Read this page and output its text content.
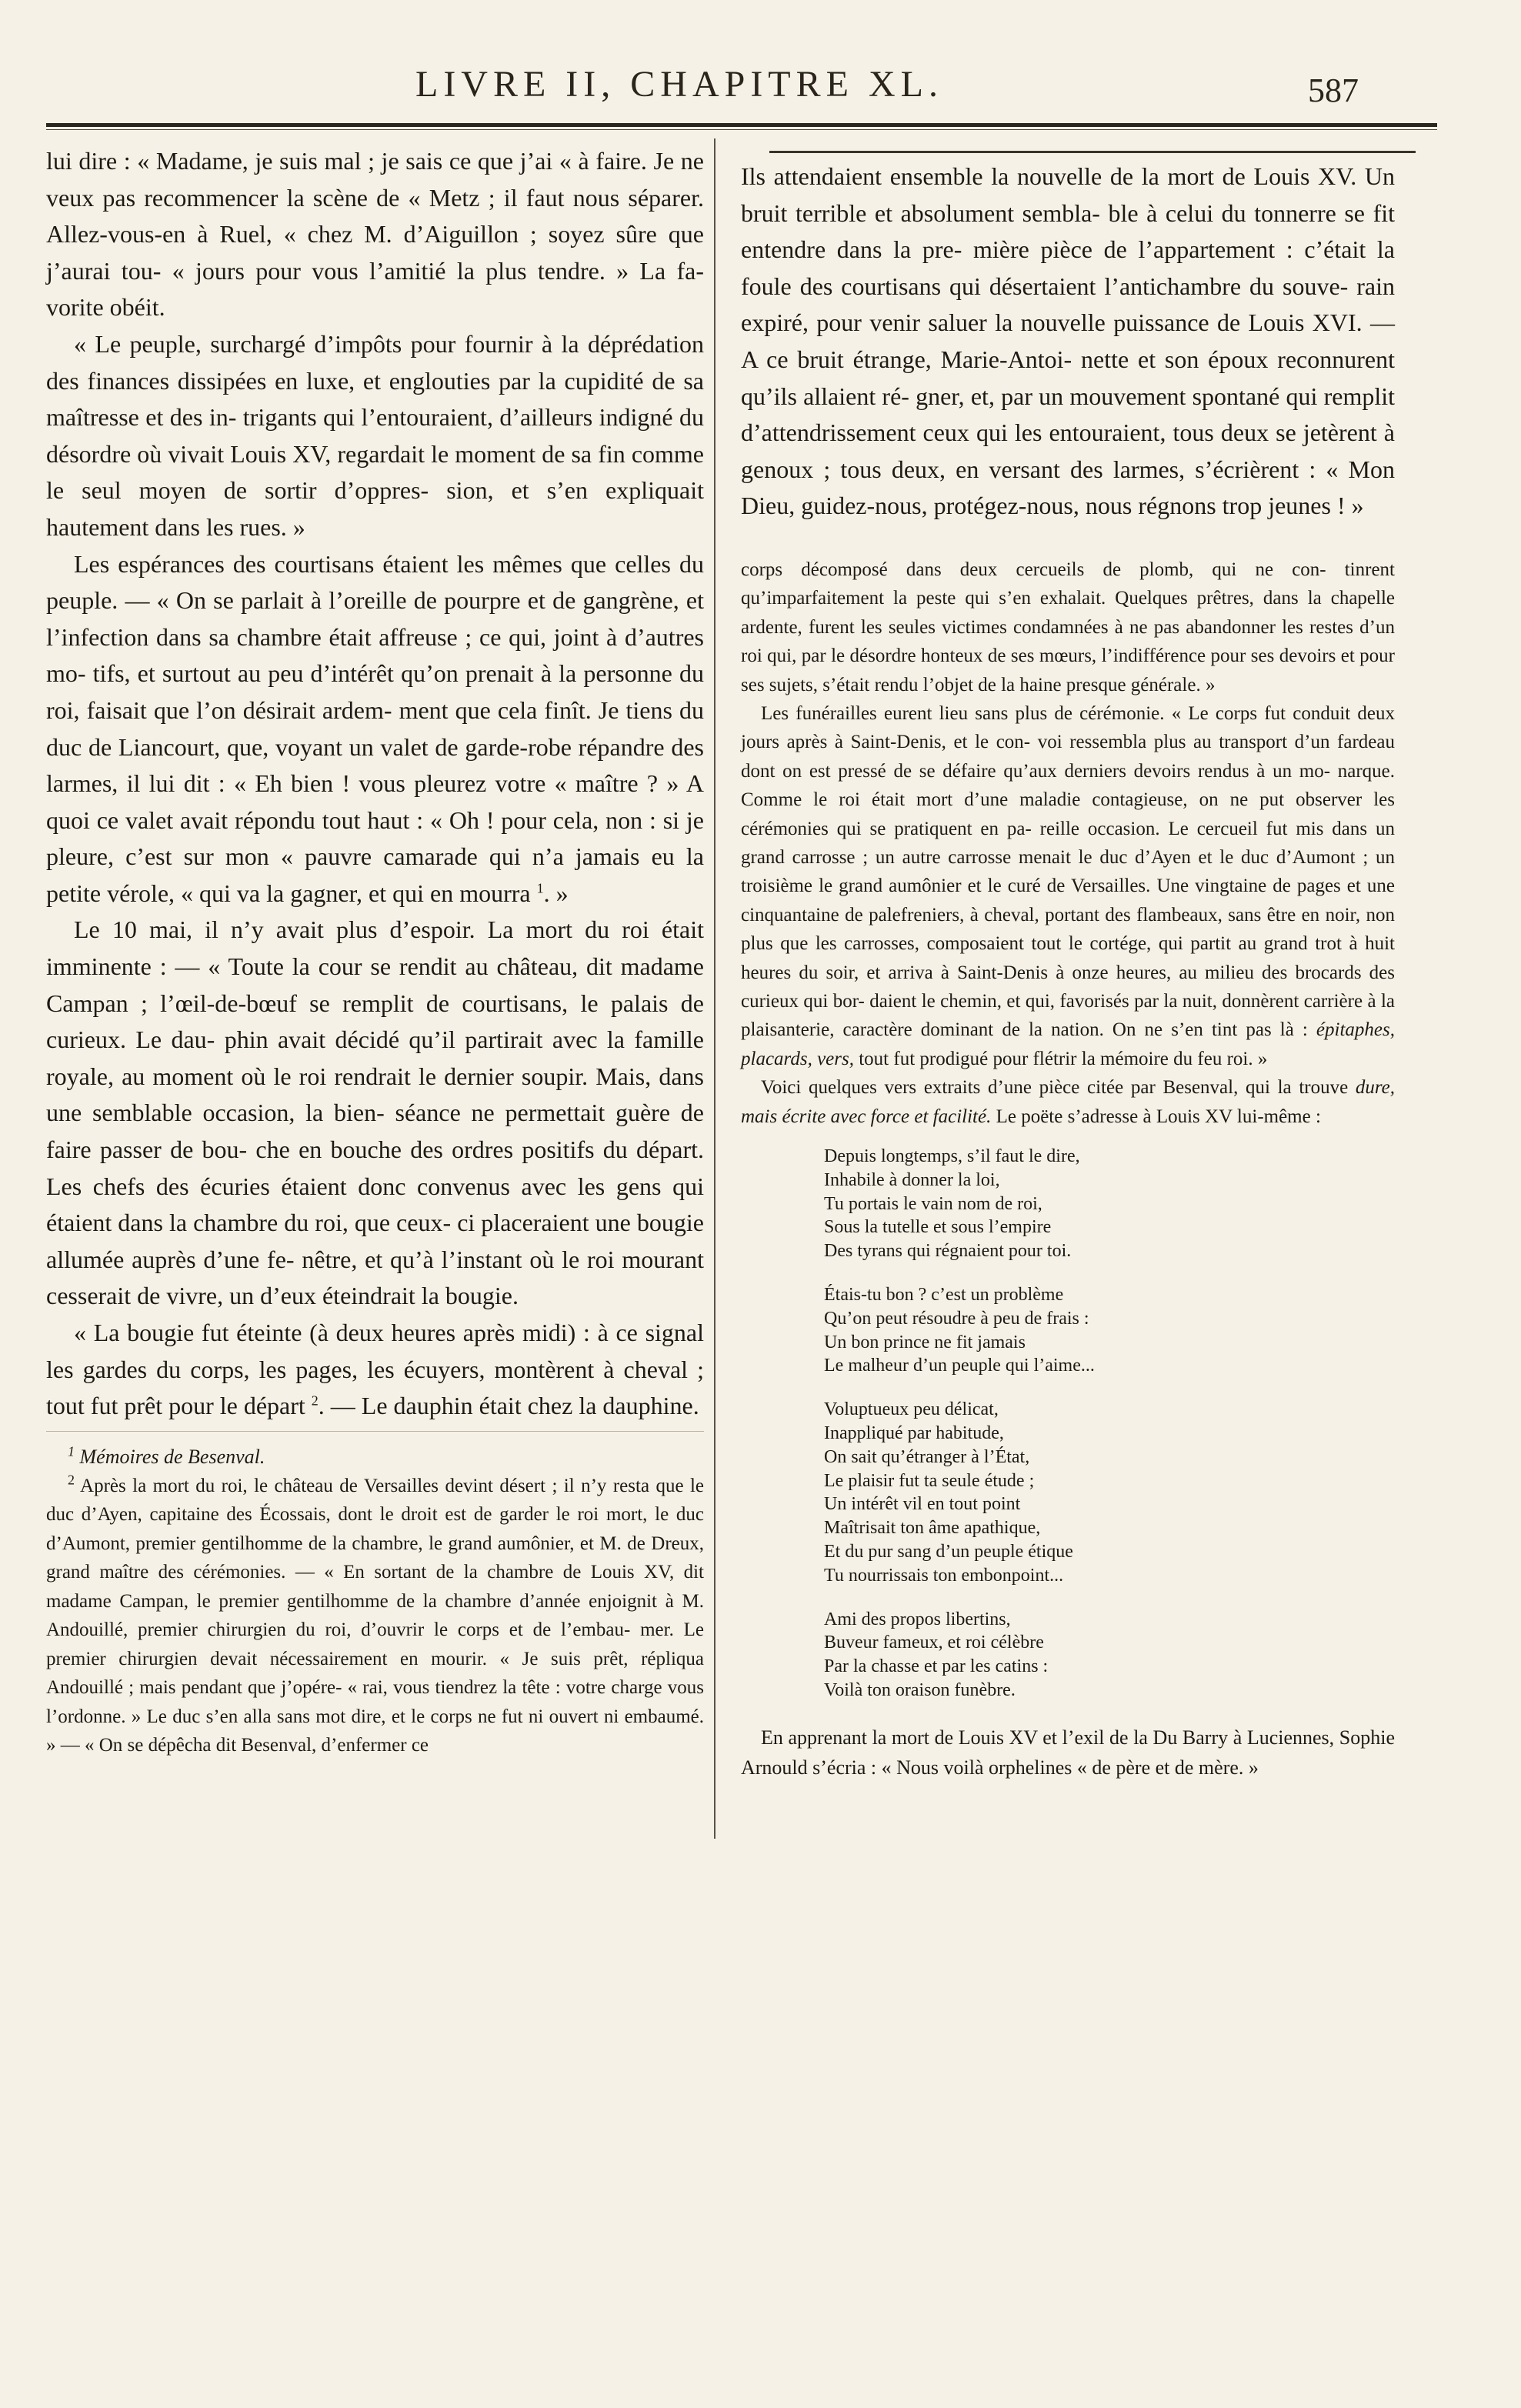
LIVRE II, CHAPITRE XL.	587

lui dire : « Madame, je suis mal ; je sais ce que j’ai « à faire. Je ne veux pas recommencer la scène de « Metz ; il faut nous séparer. Allez-vous-en à Ruel, « chez M. d’Aiguillon ; soyez sûre que j’aurai tou- « jours pour vous l’amitié la plus tendre. » La fa- vorite obéit.

« Le peuple, surchargé d’impôts pour fournir à la déprédation des finances dissipées en luxe, et englouties par la cupidité de sa maîtresse et des in- trigants qui l’entouraient, d’ailleurs indigné du désordre où vivait Louis XV, regardait le moment de sa fin comme le seul moyen de sortir d’oppres- sion, et s’en expliquait hautement dans les rues. »

Les espérances des courtisans étaient les mêmes que celles du peuple. — « On se parlait à l’oreille de pourpre et de gangrène, et l’infection dans sa chambre était affreuse ; ce qui, joint à d’autres mo- tifs, et surtout au peu d’intérêt qu’on prenait à la personne du roi, faisait que l’on désirait ardem- ment que cela finît. Je tiens du duc de Liancourt, que, voyant un valet de garde-robe répandre des larmes, il lui dit : « Eh bien ! vous pleurez votre « maître ? » A quoi ce valet avait répondu tout haut : « Oh ! pour cela, non : si je pleure, c’est sur mon « pauvre camarade qui n’a jamais eu la petite vérole, « qui va la gagner, et qui en mourra $^1$. »

Le 10 mai, il n’y avait plus d’espoir. La mort du roi était imminente : — « Toute la cour se rendit au château, dit madame Campan ; l’œil-de-bœuf se remplit de courtisans, le palais de curieux. Le dau- phin avait décidé qu’il partirait avec la famille royale, au moment où le roi rendrait le dernier soupir. Mais, dans une semblable occasion, la bien- séance ne permettait guère de faire passer de bou- che en bouche des ordres positifs du départ. Les chefs des écuries étaient donc convenus avec les gens qui étaient dans la chambre du roi, que ceux- ci placeraient une bougie allumée auprès d’une fe- nêtre, et qu’à l’instant où le roi mourant cesserait de vivre, un d’eux éteindrait la bougie.

« La bougie fut éteinte (à deux heures après midi) : à ce signal les gardes du corps, les pages, les écuyers, montèrent à cheval ; tout fut prêt pour le départ $^2$. — Le dauphin était chez la dauphine.

$^1$ Mémoires de Besenval.

$^2$ Après la mort du roi, le château de Versailles devint désert ; il n’y resta que le duc d’Ayen, capitaine des Écossais, dont le droit est de garder le roi mort, le duc d’Aumont, premier gentilhomme de la chambre, le grand aumônier, et M. de Dreux, grand maître des cérémonies. — « En sortant de la chambre de Louis XV, dit madame Campan, le premier gentilhomme de la chambre d’année enjoignit à M. Andouillé, premier chirurgien du roi, d’ouvrir le corps et de l’embau- mer. Le premier chirurgien devait nécessairement en mourir. « Je suis prêt, répliqua Andouillé ; mais pendant que j’opére- « rai, vous tiendrez la tête : votre charge vous l’ordonne. » Le duc s’en alla sans mot dire, et le corps ne fut ni ouvert ni embaumé. » — « On se dépêcha dit Besenval, d’enfermer ce

Ils attendaient ensemble la nouvelle de la mort de Louis XV. Un bruit terrible et absolument sembla- ble à celui du tonnerre se fit entendre dans la pre- mière pièce de l’appartement : c’était la foule des courtisans qui désertaient l’antichambre du souve- rain expiré, pour venir saluer la nouvelle puissance de Louis XVI. — A ce bruit étrange, Marie-Antoi- nette et son époux reconnurent qu’ils allaient ré- gner, et, par un mouvement spontané qui remplit d’attendrissement ceux qui les entouraient, tous deux se jetèrent à genoux ; tous deux, en versant des larmes, s’écrièrent : « Mon Dieu, guidez-nous, protégez-nous, nous régnons trop jeunes ! »

corps décomposé dans deux cercueils de plomb, qui ne con- tinrent qu’imparfaitement la peste qui s’en exhalait. Quelques prêtres, dans la chapelle ardente, furent les seules victimes condamnées à ne pas abandonner les restes d’un roi qui, par le désordre honteux de ses mœurs, l’indifférence pour ses devoirs et pour ses sujets, s’était rendu l’objet de la haine presque générale. »

Les funérailles eurent lieu sans plus de cérémonie. « Le corps fut conduit deux jours après à Saint-Denis, et le con- voi ressembla plus au transport d’un fardeau dont on est pressé de se défaire qu’aux derniers devoirs rendus à un mo- narque. Comme le roi était mort d’une maladie contagieuse, on ne put observer les cérémonies qui se pratiquent en pa- reille occasion. Le cercueil fut mis dans un grand carrosse ; un autre carrosse menait le duc d’Ayen et le duc d’Aumont ; un troisième le grand aumônier et le curé de Versailles. Une vingtaine de pages et une cinquantaine de palefreniers, à cheval, portant des flambeaux, sans être en noir, non plus que les carrosses, composaient tout le cortége, qui partit au grand trot à huit heures du soir, et arriva à Saint-Denis à onze heures, au milieu des brocards des curieux qui bor- daient le chemin, et qui, favorisés par la nuit, donnèrent carrière à la plaisanterie, caractère dominant de la nation. On ne s’en tint pas là : épitaphes, placards, vers, tout fut prodigué pour flétrir la mémoire du feu roi. »

Voici quelques vers extraits d’une pièce citée par Besenval, qui la trouve dure, mais écrite avec force et facilité. Le poëte s’adresse à Louis XV lui-même :

Depuis longtemps, s’il faut le dire,
Inhabile à donner la loi,
Tu portais le vain nom de roi,
Sous la tutelle et sous l’empire
Des tyrans qui régnaient pour toi.
Étais-tu bon ? c’est un problème
Qu’on peut résoudre à peu de frais :
Un bon prince ne fit jamais
Le malheur d’un peuple qui l’aime...
Voluptueux peu délicat,
Inappliqué par habitude,
On sait qu’étranger à l’État,
Le plaisir fut ta seule étude ;
Un intérêt vil en tout point
Maîtrisait ton âme apathique,
Et du pur sang d’un peuple étique
Tu nourrissais ton embonpoint...
Ami des propos libertins,
Buveur fameux, et roi célèbre
Par la chasse et par les catins :
Voilà ton oraison funèbre.

En apprenant la mort de Louis XV et l’exil de la Du Barry à Luciennes, Sophie Arnould s’écria : « Nous voilà orphelines « de père et de mère. »
